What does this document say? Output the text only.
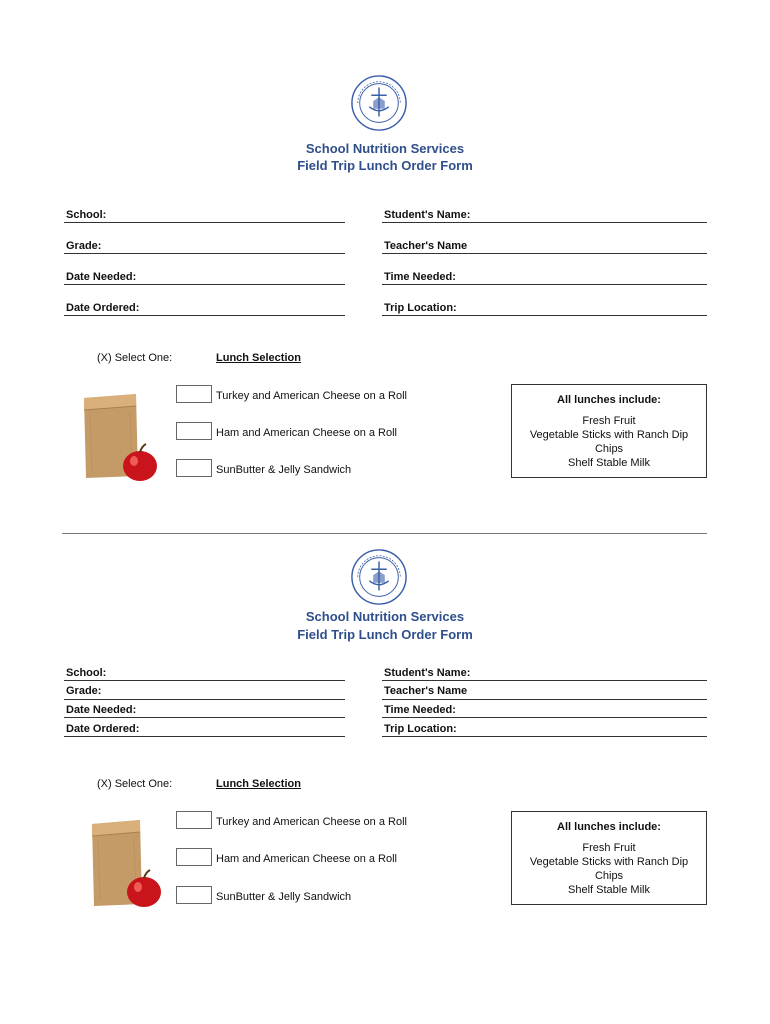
School Nutrition Services
Field Trip Lunch Order Form
School:
Grade:
Date Needed:
Date Ordered:
Student's Name:
Teacher's Name
Time Needed:
Trip Location:
(X) Select One:	Lunch Selection
Turkey and American Cheese on a Roll
Ham and American Cheese on a Roll
SunButter & Jelly Sandwich
All lunches include:
Fresh Fruit
Vegetable Sticks with Ranch Dip
Chips
Shelf Stable Milk
School Nutrition Services
Field Trip Lunch Order Form
School:
Grade:
Date Needed:
Date Ordered:
Student's Name:
Teacher's Name
Time Needed:
Trip Location:
(X) Select One:	Lunch Selection
Turkey and American Cheese on a Roll
Ham and American Cheese on a Roll
SunButter & Jelly Sandwich
All lunches include:
Fresh Fruit
Vegetable Sticks with Ranch Dip
Chips
Shelf Stable Milk
